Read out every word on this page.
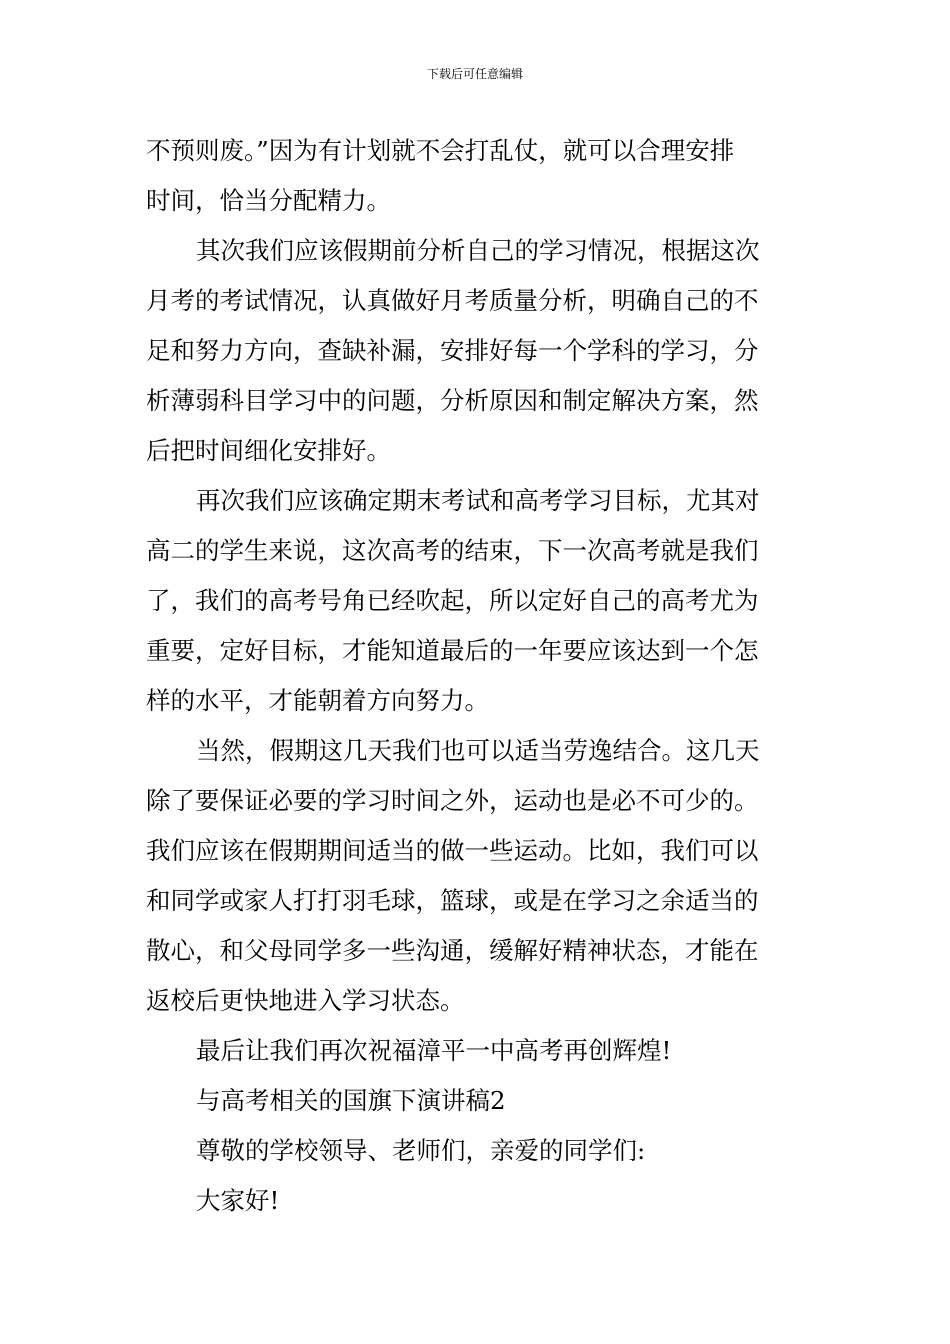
下载后可任意编辑
不预则废。”因为有计划就不会打乱仗，就可以合理安排
时间，恰当分配精力。
其次我们应该假期前分析自己的学习情况，根据这次
月考的考试情况，认真做好月考质量分析，明确自己的不
足和努力方向，查缺补漏，安排好每一个学科的学习，分
析薄弱科目学习中的问题，分析原因和制定解决方案，然
后把时间细化安排好。
再次我们应该确定期末考试和高考学习目标，尤其对
高二的学生来说，这次高考的结束，下一次高考就是我们
了，我们的高考号角已经吹起，所以定好自己的高考尤为
重要，定好目标，才能知道最后的一年要应该达到一个怎
样的水平，才能朝着方向努力。
当然，假期这几天我们也可以适当劳逸结合。这几天
除了要保证必要的学习时间之外，运动也是必不可少的。
我们应该在假期期间适当的做一些运动。比如，我们可以
和同学或家人打打羽毛球，篮球，或是在学习之余适当的
散心，和父母同学多一些沟通，缓解好精神状态，才能在
返校后更快地进入学习状态。
最后让我们再次祝福漳平一中高考再创辉煌!
与高考相关的国旗下演讲稿2
尊敬的学校领导、老师们，亲爱的同学们:
大家好!
